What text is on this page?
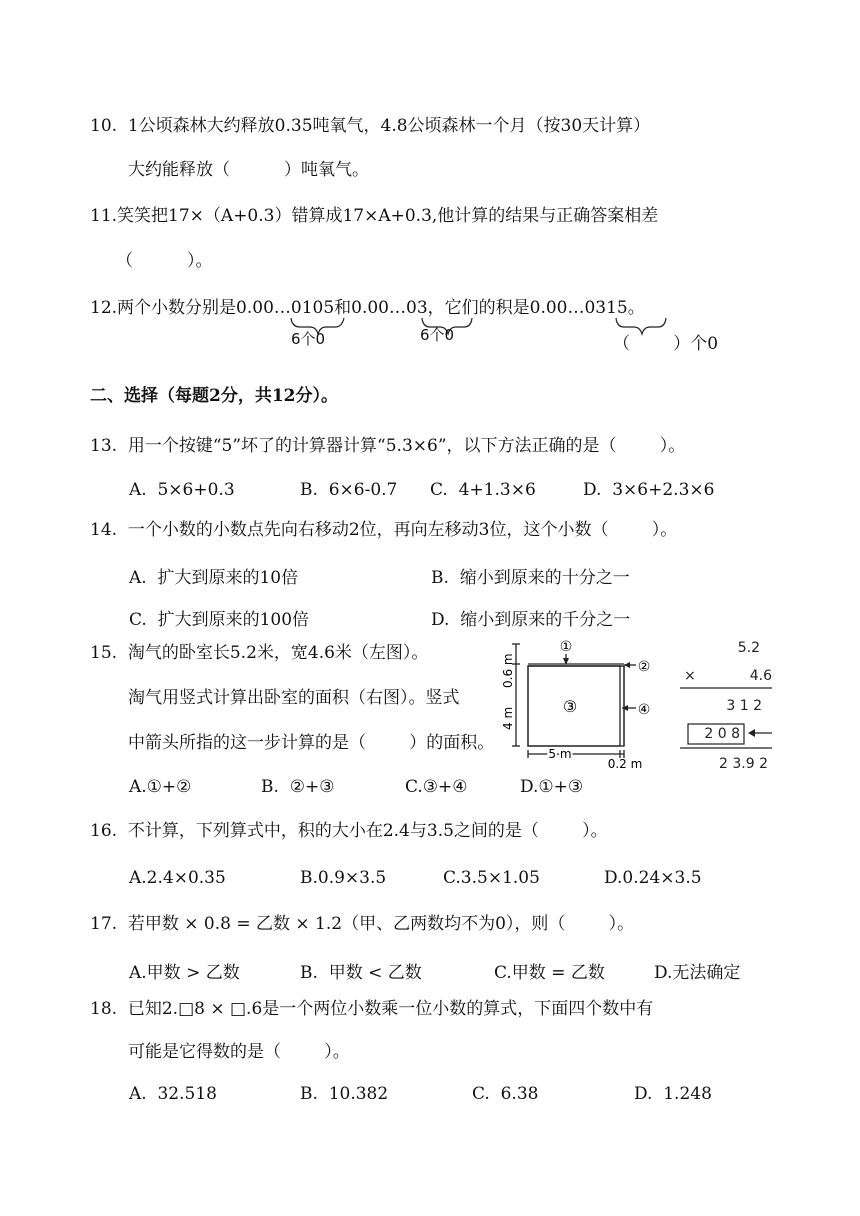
10.  1公顷森林大约释放0.35吨氧气，4.8公顷森林一个月（按30天计算）
大约能释放（          ）吨氧气。
11.笑笑把17×（A+0.3）错算成17×A+0.3,他计算的结果与正确答案相差
（          ）。
12.两个小数分别是0.00…0105和0.00…03，它们的积是0.00…0315。
6个0	6个0	（        ）个0
二、选择（每题2分，共12分）。
13.  用一个按键“5”坏了的计算器计算“5.3×6”，以下方法正确的是（        ）。
A.  5×6+0.3	B.  6×6-0.7 C.  4+1.3×6	D.  3×6+2.3×6
14.  一个小数的小数点先向右移动2位，再向左移动3位，这个小数（        ）。
A.  扩大到原来的10倍	B.  缩小到原来的十分之一
C.  扩大到原来的100倍	D.  缩小到原来的千分之一
15.  淘气的卧室长5.2米，宽4.6米（左图）。
淘气用竖式计算出卧室的面积（右图）。竖式
中箭头所指的这一步计算的是（        ）的面积。
0.6 m
4 m
5 m
0.2 m
①
②
③	④
5.2
×	4.6
3 1 2
2 0 8
2 3.9 2
A.①+②	B.  ②+③	C.③+④	D.①+③
16.  不计算，下列算式中，积的大小在2.4与3.5之间的是（        ）。
A.2.4×0.35	B.0.9×3.5	C.3.5×1.05	D.0.24×3.5
17.  若甲数 × 0.8 = 乙数 × 1.2（甲、乙两数均不为0），则（        ）。
A.甲数 > 乙数	B.  甲数 < 乙数	C.甲数 = 乙数	D.无法确定
18.  已知2.□8 × □.6是一个两位小数乘一位小数的算式，下面四个数中有
可能是它得数的是（        ）。
A.  32.518	B.  10.382	C.  6.38	D.  1.248
